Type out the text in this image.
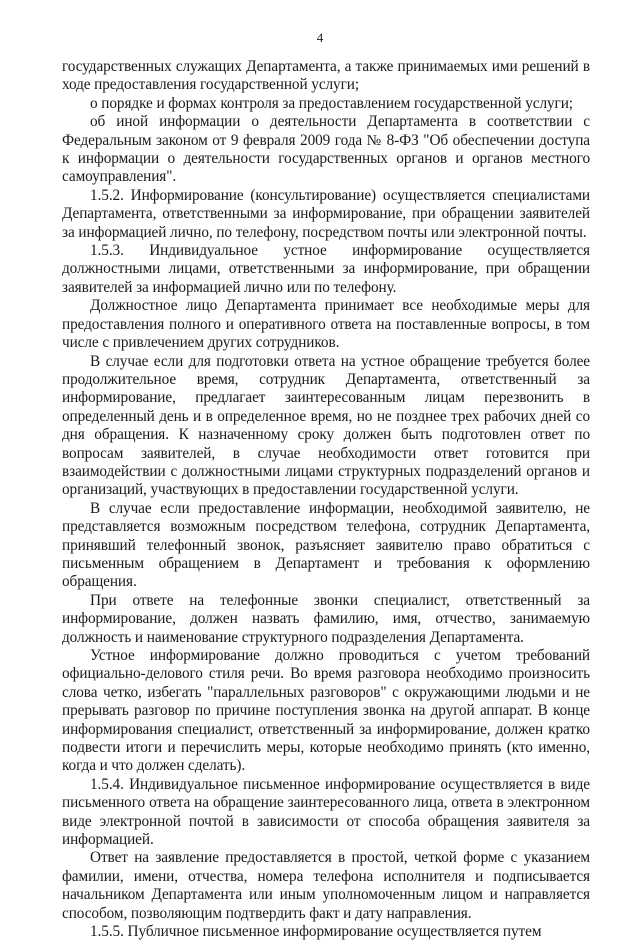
4

государственных служащих Департамента, а также принимаемых ими решений в ходе предоставления государственной услуги;

о порядке и формах контроля за предоставлением государственной услуги;

об иной информации о деятельности Департамента в соответствии с Федеральным законом от 9 февраля 2009 года № 8-ФЗ "Об обеспечении доступа к информации о деятельности государственных органов и органов местного самоуправления".

1.5.2. Информирование (консультирование) осуществляется специалистами Департамента, ответственными за информирование, при обращении заявителей за информацией лично, по телефону, посредством почты или электронной почты.

1.5.3. Индивидуальное устное информирование осуществляется должностными лицами, ответственными за информирование, при обращении заявителей за информацией лично или по телефону.

Должностное лицо Департамента принимает все необходимые меры для предоставления полного и оперативного ответа на поставленные вопросы, в том числе с привлечением других сотрудников.

В случае если для подготовки ответа на устное обращение требуется более продолжительное время, сотрудник Департамента, ответственный за информирование, предлагает заинтересованным лицам перезвонить в определенный день и в определенное время, но не позднее трех рабочих дней со дня обращения. К назначенному сроку должен быть подготовлен ответ по вопросам заявителей, в случае необходимости ответ готовится при взаимодействии с должностными лицами структурных подразделений органов и организаций, участвующих в предоставлении государственной услуги.

В случае если предоставление информации, необходимой заявителю, не представляется возможным посредством телефона, сотрудник Департамента, принявший телефонный звонок, разъясняет заявителю право обратиться с письменным обращением в Департамент и требования к оформлению обращения.

При ответе на телефонные звонки специалист, ответственный за информирование, должен назвать фамилию, имя, отчество, занимаемую должность и наименование структурного подразделения Департамента.

Устное информирование должно проводиться с учетом требований официально-делового стиля речи. Во время разговора необходимо произносить слова четко, избегать "параллельных разговоров" с окружающими людьми и не прерывать разговор по причине поступления звонка на другой аппарат. В конце информирования специалист, ответственный за информирование, должен кратко подвести итоги и перечислить меры, которые необходимо принять (кто именно, когда и что должен сделать).

1.5.4. Индивидуальное письменное информирование осуществляется в виде письменного ответа на обращение заинтересованного лица, ответа в электронном виде электронной почтой в зависимости от способа обращения заявителя за информацией.

Ответ на заявление предоставляется в простой, четкой форме с указанием фамилии, имени, отчества, номера телефона исполнителя и подписывается начальником Департамента или иным уполномоченным лицом и направляется способом, позволяющим подтвердить факт и дату направления.

1.5.5. Публичное письменное информирование осуществляется путем
